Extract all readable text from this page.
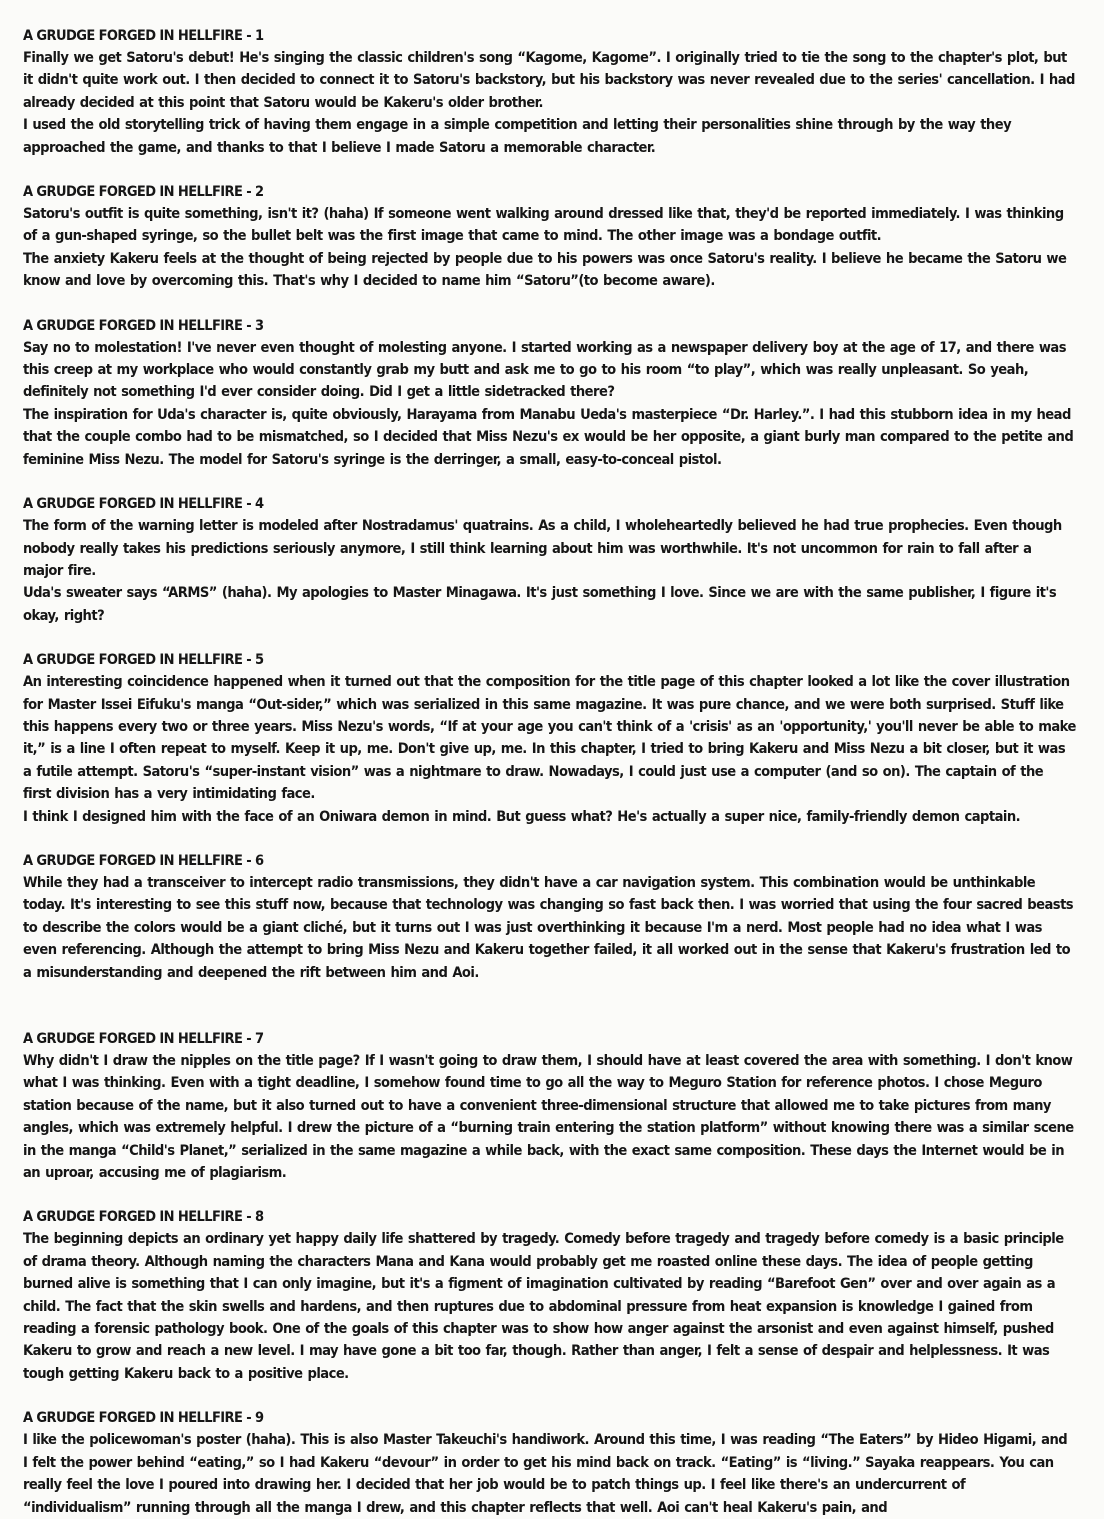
A GRUDGE FORGED IN HELLFIRE - 1

Finally we get Satoru's debut! He's singing the classic children's song “Kagome, Kagome”. I originally tried to tie the song to the chapter's plot, but it didn't quite work out. I then decided to connect it to Satoru's backstory, but his backstory was never revealed due to the series' cancellation. I had already decided at this point that Satoru would be Kakeru's older brother.

I used the old storytelling trick of having them engage in a simple competition and letting their personalities shine through by the way they approached the game, and thanks to that I believe I made Satoru a memorable character.

A GRUDGE FORGED IN HELLFIRE - 2

Satoru's outfit is quite something, isn't it? (haha) If someone went walking around dressed like that, they'd be reported immediately. I was thinking of a gun-shaped syringe, so the bullet belt was the first image that came to mind. The other image was a bondage outfit.

The anxiety Kakeru feels at the thought of being rejected by people due to his powers was once Satoru's reality. I believe he became the Satoru we know and love by overcoming this. That's why I decided to name him “Satoru”(to become aware).

A GRUDGE FORGED IN HELLFIRE - 3

Say no to molestation! I've never even thought of molesting anyone. I started working as a newspaper delivery boy at the age of 17, and there was this creep at my workplace who would constantly grab my butt and ask me to go to his room “to play”, which was really unpleasant. So yeah, definitely not something I'd ever consider doing. Did I get a little sidetracked there?

The inspiration for Uda's character is, quite obviously, Harayama from Manabu Ueda's masterpiece “Dr. Harley.”. I had this stubborn idea in my head that the couple combo had to be mismatched, so I decided that Miss Nezu's ex would be her opposite, a giant burly man compared to the petite and feminine Miss Nezu. The model for Satoru's syringe is the derringer, a small, easy-to-conceal pistol.

A GRUDGE FORGED IN HELLFIRE - 4

The form of the warning letter is modeled after Nostradamus' quatrains. As a child, I wholeheartedly believed he had true prophecies. Even though nobody really takes his predictions seriously anymore, I still think learning about him was worthwhile. It's not uncommon for rain to fall after a major fire.

Uda's sweater says “ARMS” (haha). My apologies to Master Minagawa. It's just something I love. Since we are with the same publisher, I figure it's okay, right?

A GRUDGE FORGED IN HELLFIRE - 5

An interesting coincidence happened when it turned out that the composition for the title page of this chapter looked a lot like the cover illustration for Master Issei Eifuku's manga “Out-sider,” which was serialized in this same magazine. It was pure chance, and we were both surprised. Stuff like this happens every two or three years. Miss Nezu's words, “If at your age you can't think of a 'crisis' as an 'opportunity,' you'll never be able to make it,” is a line I often repeat to myself. Keep it up, me. Don't give up, me. In this chapter, I tried to bring Kakeru and Miss Nezu a bit closer, but it was a futile attempt. Satoru's “super-instant vision” was a nightmare to draw. Nowadays, I could just use a computer (and so on). The captain of the first division has a very intimidating face.

I think I designed him with the face of an Oniwara demon in mind. But guess what? He's actually a super nice, family-friendly demon captain.

A GRUDGE FORGED IN HELLFIRE - 6

While they had a transceiver to intercept radio transmissions, they didn't have a car navigation system. This combination would be unthinkable today. It's interesting to see this stuff now, because that technology was changing so fast back then. I was worried that using the four sacred beasts to describe the colors would be a giant cliché, but it turns out I was just overthinking it because I'm a nerd. Most people had no idea what I was even referencing. Although the attempt to bring Miss Nezu and Kakeru together failed, it all worked out in the sense that Kakeru's frustration led to a misunderstanding and deepened the rift between him and Aoi.

A GRUDGE FORGED IN HELLFIRE - 7

Why didn't I draw the nipples on the title page? If I wasn't going to draw them, I should have at least covered the area with something. I don't know what I was thinking. Even with a tight deadline, I somehow found time to go all the way to Meguro Station for reference photos. I chose Meguro station because of the name, but it also turned out to have a convenient three-dimensional structure that allowed me to take pictures from many angles, which was extremely helpful. I drew the picture of a “burning train entering the station platform” without knowing there was a similar scene in the manga “Child's Planet,” serialized in the same magazine a while back, with the exact same composition. These days the Internet would be in an uproar, accusing me of plagiarism.

A GRUDGE FORGED IN HELLFIRE - 8

The beginning depicts an ordinary yet happy daily life shattered by tragedy. Comedy before tragedy and tragedy before comedy is a basic principle of drama theory. Although naming the characters Mana and Kana would probably get me roasted online these days. The idea of people getting burned alive is something that I can only imagine, but it's a figment of imagination cultivated by reading “Barefoot Gen” over and over again as a child. The fact that the skin swells and hardens, and then ruptures due to abdominal pressure from heat expansion is knowledge I gained from reading a forensic pathology book. One of the goals of this chapter was to show how anger against the arsonist and even against himself, pushed Kakeru to grow and reach a new level. I may have gone a bit too far, though. Rather than anger, I felt a sense of despair and helplessness. It was tough getting Kakeru back to a positive place.

A GRUDGE FORGED IN HELLFIRE - 9

I like the policewoman's poster (haha). This is also Master Takeuchi's handiwork. Around this time, I was reading “The Eaters” by Hideo Higami, and I felt the power behind “eating,” so I had Kakeru “devour” in order to get his mind back on track. “Eating” is “living.” Sayaka reappears. You can really feel the love I poured into drawing her. I decided that her job would be to patch things up. I feel like there's an undercurrent of “individualism” running through all the manga I drew, and this chapter reflects that well. Aoi can't heal Kakeru's pain, and
